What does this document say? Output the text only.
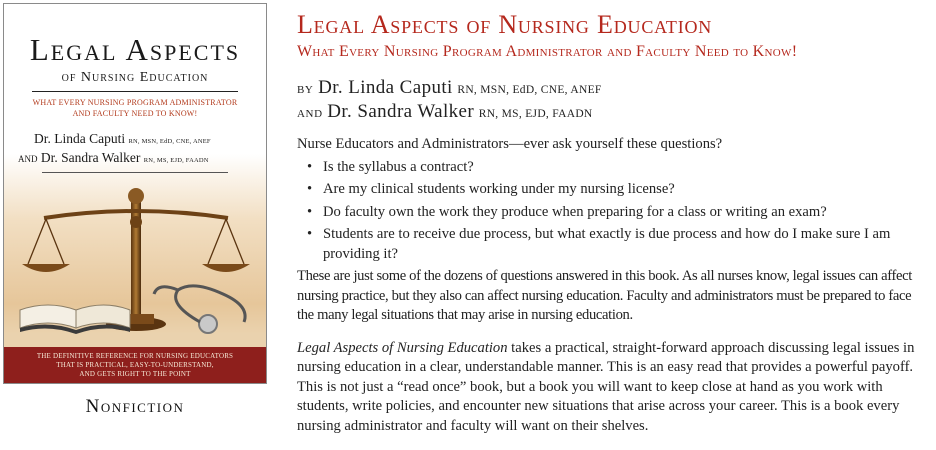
Legal Aspects
of Nursing Education
WHAT EVERY NURSING PROGRAM ADMINISTRATOR
AND FACULTY NEED TO KNOW!
Dr. Linda Caputi RN, MSN, EdD, CNE, ANEF
AND Dr. Sandra Walker RN, MS, EJD, FAADN
THE DEFINITIVE REFERENCE FOR NURSING EDUCATORS
THAT IS PRACTICAL, EASY-TO-UNDERSTAND,
AND GETS RIGHT TO THE POINT
Nonfiction
Legal Aspects of Nursing Education
What Every Nursing Program Administrator and Faculty Need to Know!
by Dr. Linda Caputi RN, MSN, EdD, CNE, ANEF
and Dr. Sandra Walker RN, MS, EJD, FAADN

Nurse Educators and Administrators—ever ask yourself these questions?

• Is the syllabus a contract?
• Are my clinical students working under my nursing license?
• Do faculty own the work they produce when preparing for a class or writing an exam?
• Students are to receive due process, but what exactly is due process and how do I make sure I am providing it?

These are just some of the dozens of questions answered in this book. As all nurses know, legal issues can affect nursing practice, but they also can affect nursing education. Faculty and administrators must be prepared to face the many legal situations that may arise in nursing education.

Legal Aspects of Nursing Education takes a practical, straight-forward approach discussing legal issues in nursing education in a clear, understandable manner. This is an easy read that provides a powerful payoff. This is not just a “read once” book, but a book you will want to keep close at hand as you work with students, write policies, and encounter new situations that arise across your career. This is a book every nursing administrator and faculty will want on their shelves.
